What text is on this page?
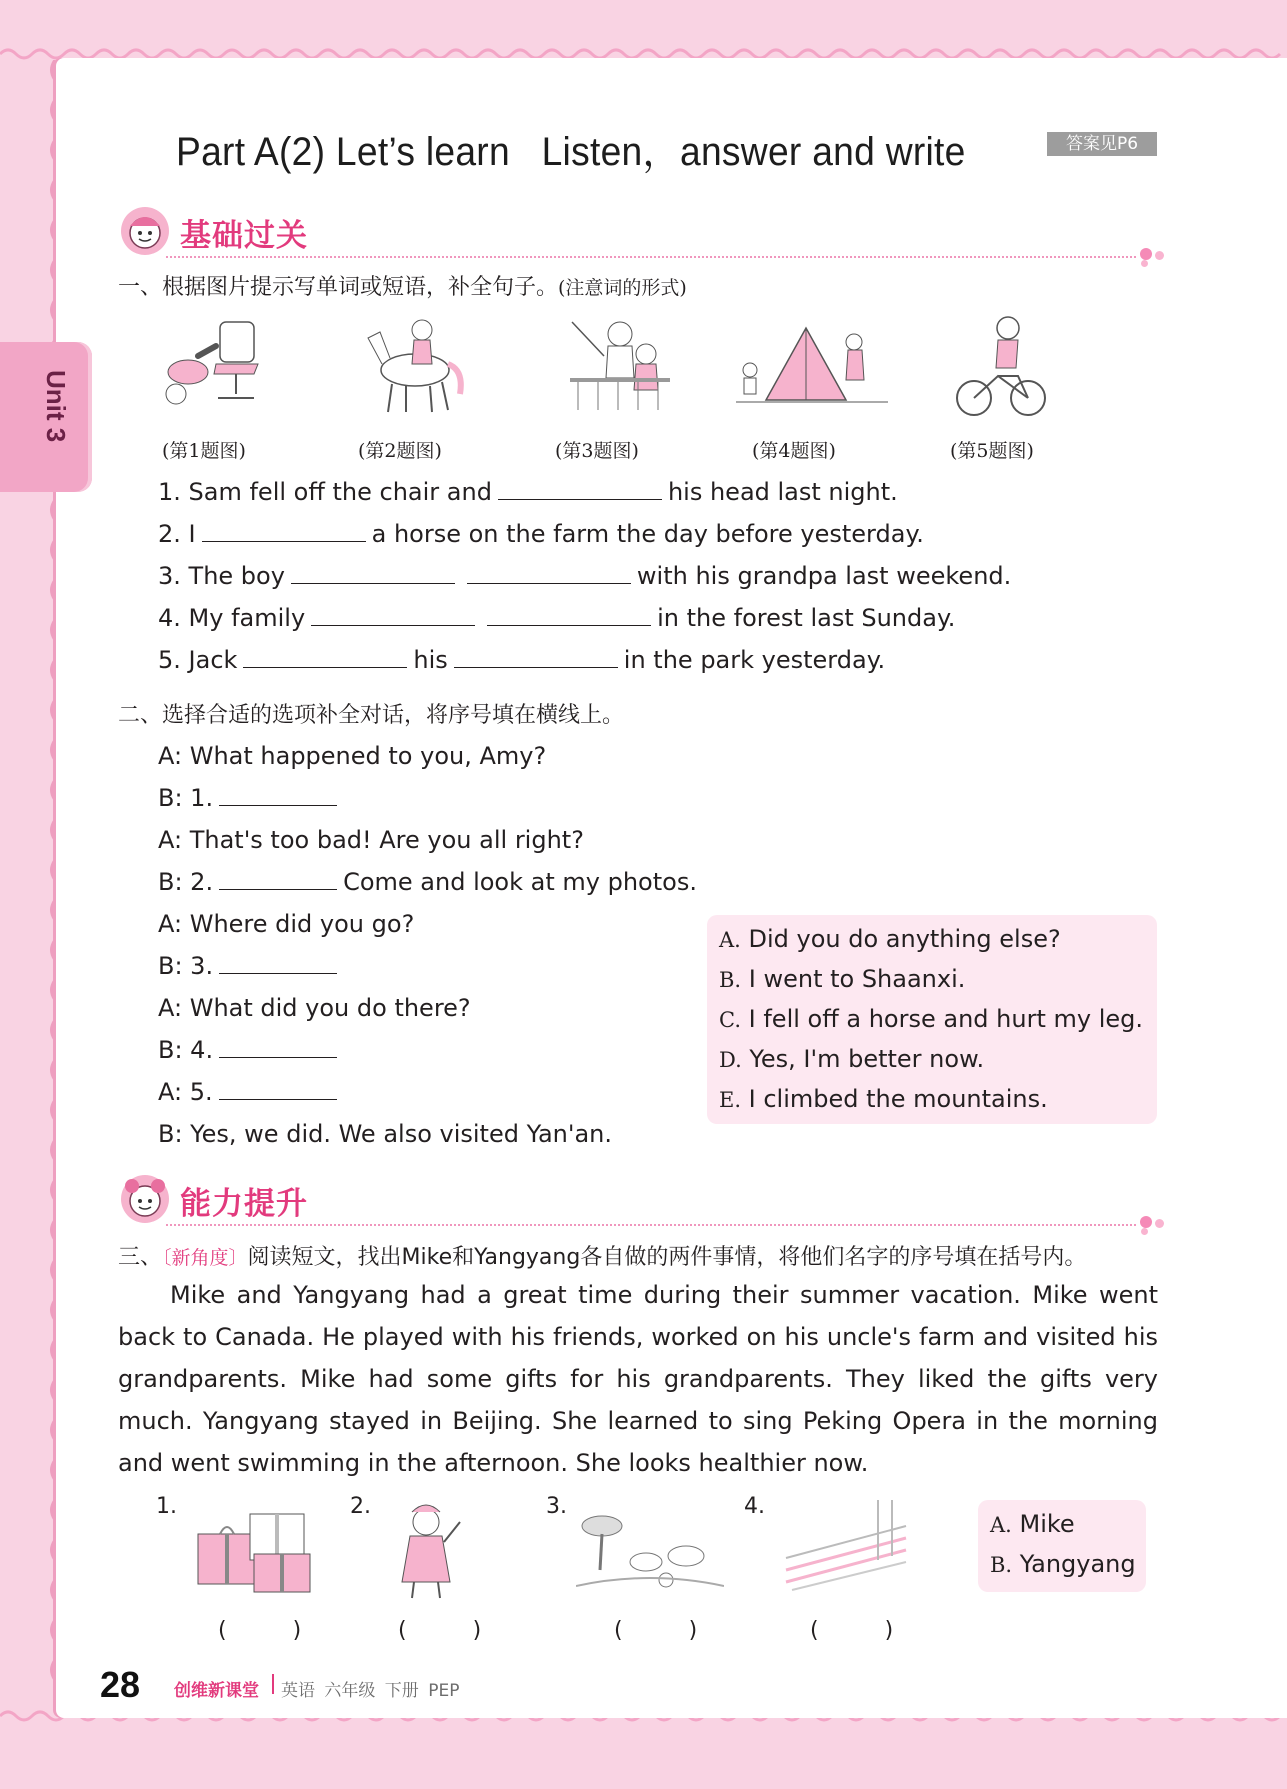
Unit 3
Part A(2) Let’s learn Listen，answer and write	答案见P6
基础过关
一、根据图片提示写单词或短语，补全句子。(注意词的形式)
(第1题图)	(第2题图)	(第3题图)	(第4题图)	(第5题图)
1. Sam fell off the chair and	his head last night.
2. I	a horse on the farm the day before yesterday.
3. The boy	with his grandpa last weekend.
4. My family	in the forest last Sunday.
5. Jack	his	in the park yesterday.
二、选择合适的选项补全对话，将序号填在横线上。
A: What happened to you, Amy?
B: 1.
A: That's too bad! Are you all right?
B: 2.	Come and look at my photos.
A: Where did you go?
B: 3.
A: What did you do there?
B: 4.
A: 5.
B: Yes, we did. We also visited Yan'an.
A. Did you do anything else?
B. I went to Shaanxi.
C. I fell off a horse and hurt my leg.
D. Yes, I'm better now.
E. I climbed the mountains.
能力提升
三、〔新角度〕阅读短文，找出Mike和Yangyang各自做的两件事情，将他们名字的序号填在括号内。

Mike and Yangyang had a great time during their summer vacation. Mike went back to Canada. He played with his friends, worked on his uncle's farm and visited his grandparents. Mike had some gifts for his grandparents. They liked the gifts very much. Yangyang stayed in Beijing. She learned to sing Peking Opera in the morning and went swimming in the afternoon. She looks healthier now.

1.	2.	3.	4.
(  )	(  )	(  )	(  )
A. Mike
B. Yangyang
28 创维新课堂 英语 六年级 下册 PEP
